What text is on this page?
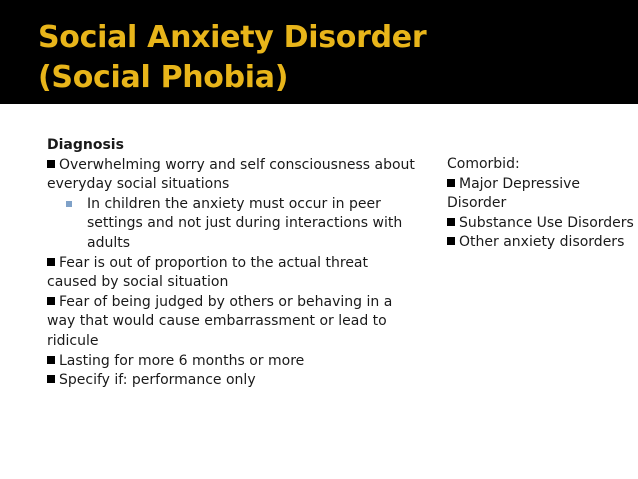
Social Anxiety Disorder
(Social Phobia)

Diagnosis

Overwhelming worry and self consciousness about everyday social situations

In children the anxiety must occur in peer settings and not just during interactions with adults

Fear is out of proportion to the actual threat caused by social situation

Fear of being judged by others or behaving in a way that would cause embarrassment or lead to ridicule

Lasting for more 6 months or more

Specify if: performance only

Comorbid:

Major Depressive Disorder

Substance Use Disorders

Other anxiety disorders
